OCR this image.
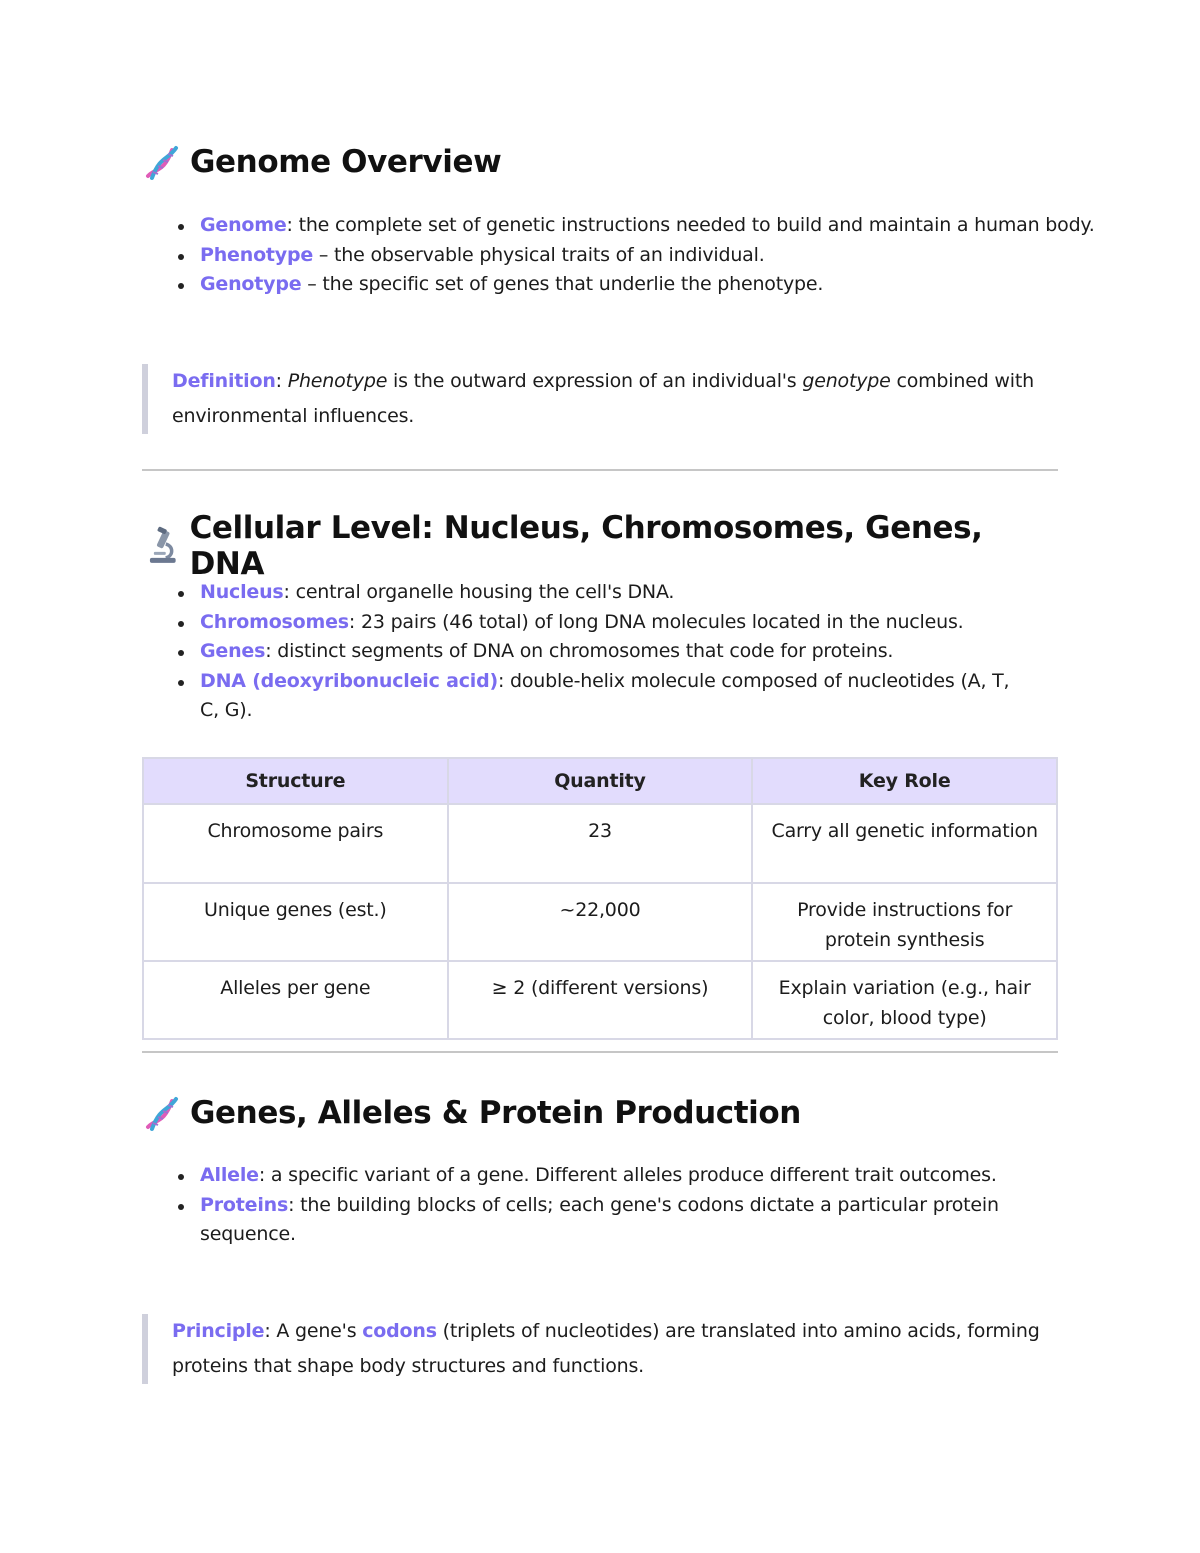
Genome Overview
Genome: the complete set of genetic instructions needed to build and maintain a human body.
Phenotype – the observable physical traits of an individual.
Genotype – the specific set of genes that underlie the phenotype.
Definition: Phenotype is the outward expression of an individual's genotype combined with environmental influences.
Cellular Level: Nucleus, Chromosomes, Genes, DNA
Nucleus: central organelle housing the cell's DNA.
Chromosomes: 23 pairs (46 total) of long DNA molecules located in the nucleus.
Genes: distinct segments of DNA on chromosomes that code for proteins.
DNA (deoxyribonucleic acid): double-helix molecule composed of nucleotides (A, T, C, G).
Structure	Quantity	Key Role
Chromosome pairs	23	Carry all genetic information
Unique genes (est.)	~22,000	Provide instructions for protein synthesis
Alleles per gene	≥ 2 (different versions)	Explain variation (e.g., hair color, blood type)
Genes, Alleles & Protein Production
Allele: a specific variant of a gene. Different alleles produce different trait outcomes.
Proteins: the building blocks of cells; each gene's codons dictate a particular protein sequence.
Principle: A gene's codons (triplets of nucleotides) are translated into amino acids, forming proteins that shape body structures and functions.
